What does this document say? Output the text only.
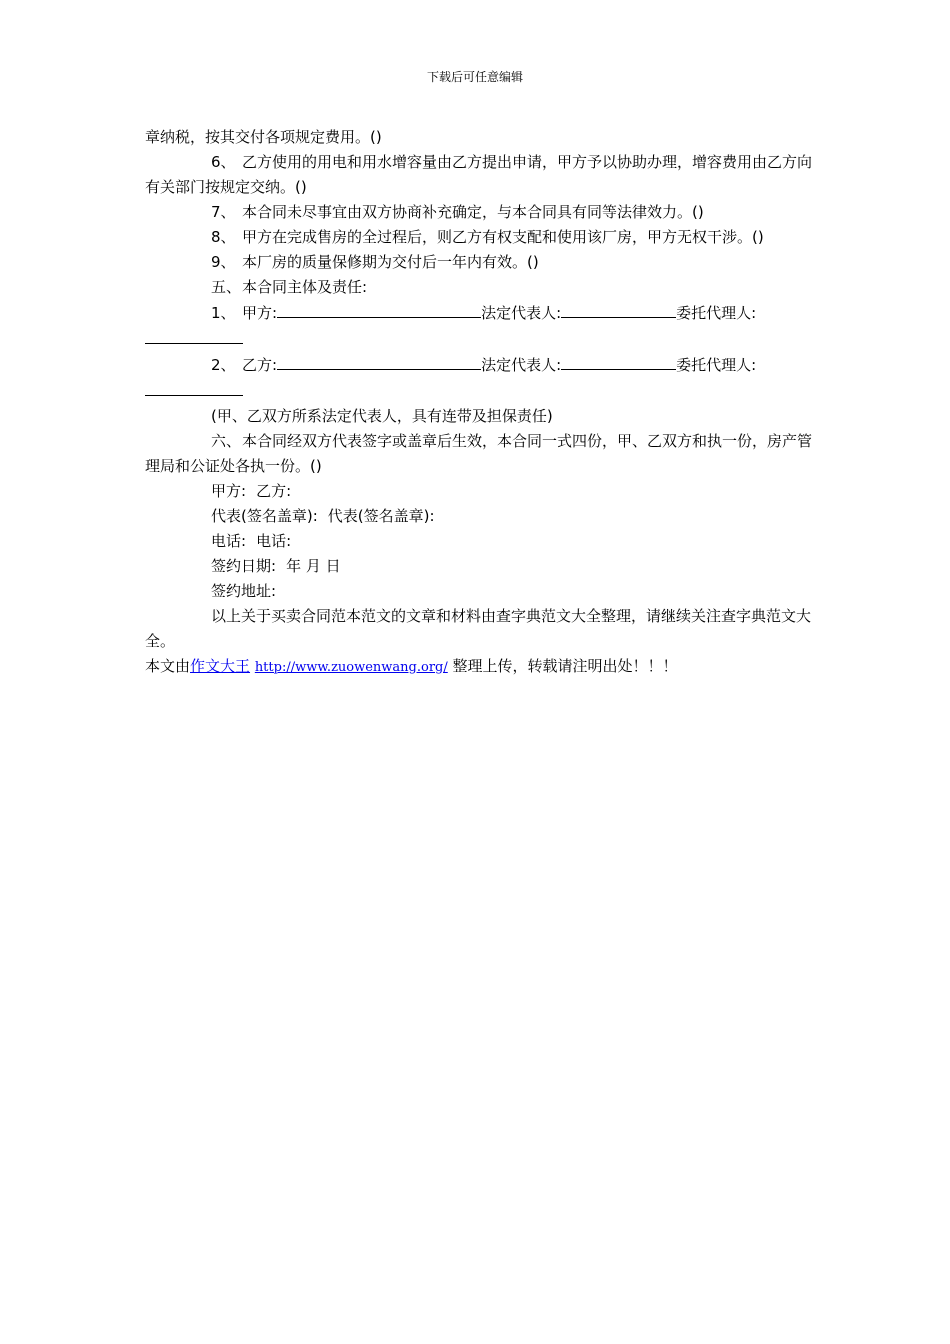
下载后可任意编辑

章纳税，按其交付各项规定费用。()

6、 乙方使用的用电和用水增容量由乙方提出申请，甲方予以协助办理，增容费用由乙方向有关部门按规定交纳。()

7、 本合同未尽事宜由双方协商补充确定，与本合同具有同等法律效力。()

8、 甲方在完成售房的全过程后，则乙方有权支配和使用该厂房，甲方无权干涉。()

9、 本厂房的质量保修期为交付后一年内有效。()

五、本合同主体及责任:

1、 甲方:	法定代表人:	委托代理人:

2、 乙方:	法定代表人:	委托代理人:

(甲、乙双方所系法定代表人，具有连带及担保责任)

六、本合同经双方代表签字或盖章后生效，本合同一式四份，甲、乙双方和执一份，房产管理局和公证处各执一份。()

甲方: 乙方:
代表(签名盖章): 代表(签名盖章):
电话: 电话:
签约日期: 年 月 日
签约地址:

以上关于买卖合同范本范文的文章和材料由查字典范文大全整理，请继续关注查字典范文大全。

本文由作文大王 http://www.zuowenwang.org/ 整理上传，转载请注明出处！！！
